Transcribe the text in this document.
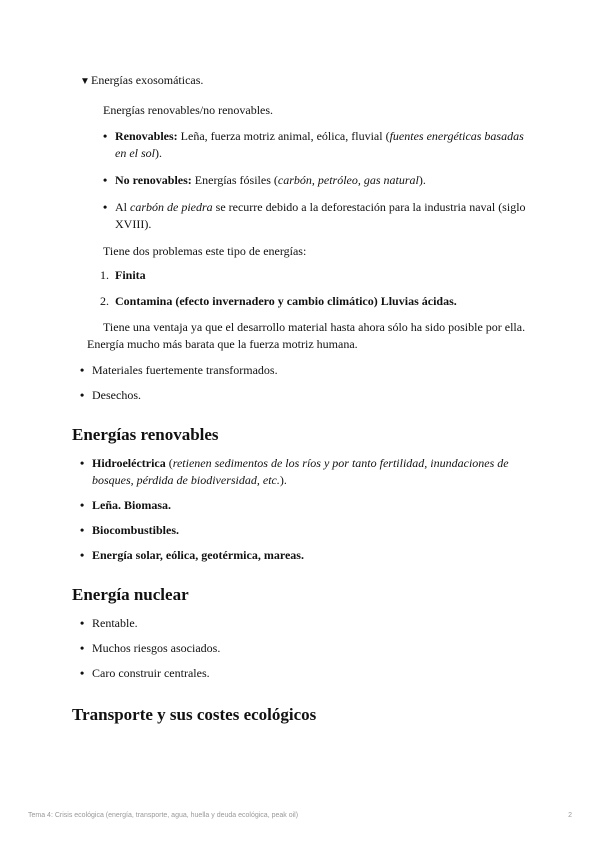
▼Energías exosomáticas.

Energías renovables/no renovables.

• Renovables: Leña, fuerza motriz animal, eólica, fluvial (fuentes energéticas basadas en el sol).
• No renovables: Energías fósiles (carbón, petróleo, gas natural).
• Al carbón de piedra se recurre debido a la deforestación para la industria naval (siglo XVIII).

Tiene dos problemas este tipo de energías:

1. Finita
2. Contamina (efecto invernadero y cambio climático) Lluvias ácidas.

Tiene una ventaja ya que el desarrollo material hasta ahora sólo ha sido posible por ella. Energía mucho más barata que la fuerza motriz humana.

• Materiales fuertemente transformados.
• Desechos.
Energías renovables
• Hidroeléctrica (retienen sedimentos de los ríos y por tanto fertilidad, inundaciones de bosques, pérdida de biodiversidad, etc.).
• Leña. Biomasa.
• Biocombustibles.
• Energía solar, eólica, geotérmica, mareas.
Energía nuclear
• Rentable.
• Muchos riesgos asociados.
• Caro construir centrales.
Transporte y sus costes ecológicos
Tema 4: Crisis ecológica (energía, transporte, agua, huella y deuda ecológica, peak oil)	2
